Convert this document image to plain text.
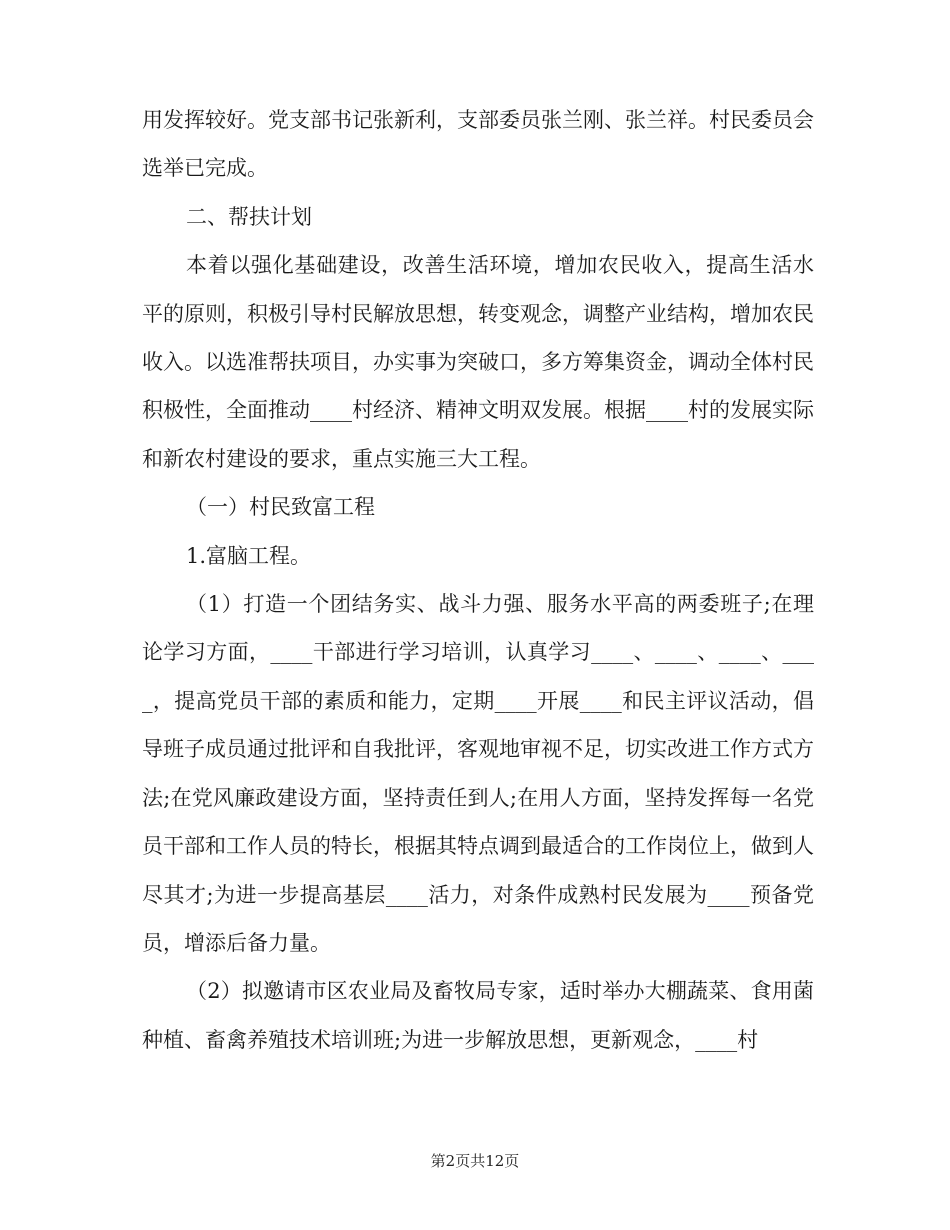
用发挥较好。党支部书记张新利，支部委员张兰刚、张兰祥。村民委员会选举已完成。

二、帮扶计划

本着以强化基础建设，改善生活环境，增加农民收入，提高生活水平的原则，积极引导村民解放思想，转变观念，调整产业结构，增加农民收入。以选准帮扶项目，办实事为突破口，多方筹集资金，调动全体村民积极性，全面推动____村经济、精神文明双发展。根据____村的发展实际和新农村建设的要求，重点实施三大工程。

（一）村民致富工程

1.富脑工程。

（1）打造一个团结务实、战斗力强、服务水平高的两委班子;在理论学习方面，____干部进行学习培训，认真学习____、____、____、____，提高党员干部的素质和能力，定期____开展____和民主评议活动，倡导班子成员通过批评和自我批评，客观地审视不足，切实改进工作方式方法;在党风廉政建设方面，坚持责任到人;在用人方面，坚持发挥每一名党员干部和工作人员的特长，根据其特点调到最适合的工作岗位上，做到人尽其才;为进一步提高基层____活力，对条件成熟村民发展为____预备党员，增添后备力量。

（2）拟邀请市区农业局及畜牧局专家，适时举办大棚蔬菜、食用菌种植、畜禽养殖技术培训班;为进一步解放思想，更新观念，____村

第2页共12页
